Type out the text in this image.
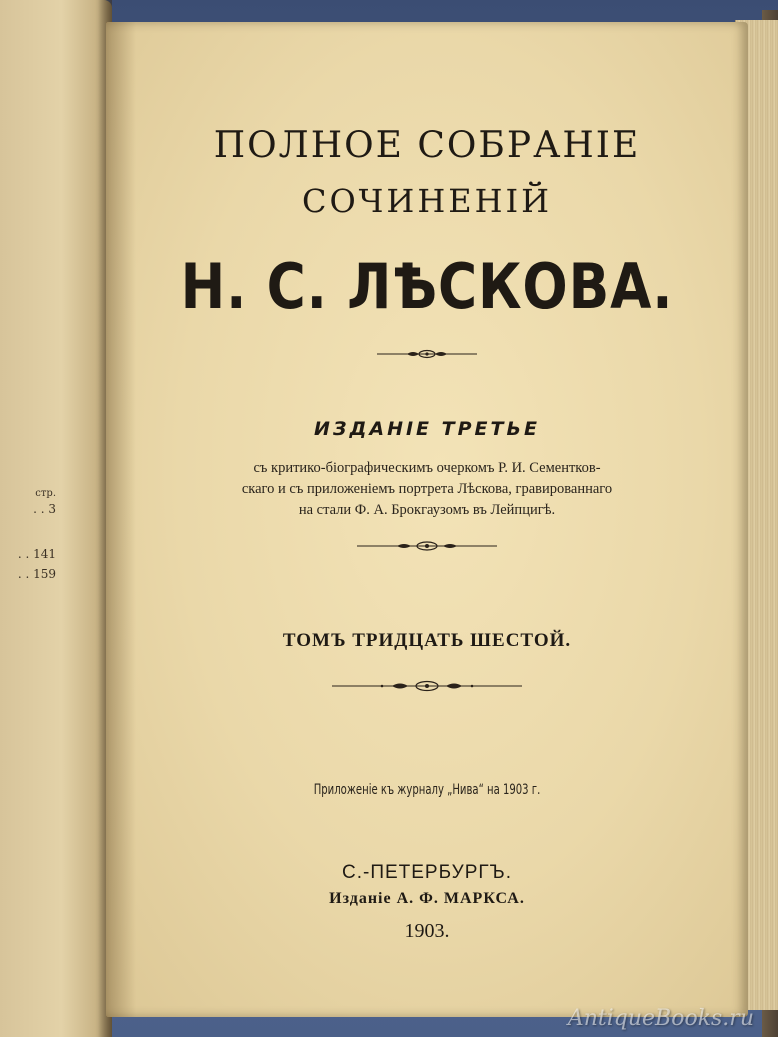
стр.
. . 3
. . 141
. . 159
ПОЛНОЕ СОБРАНІЕ
СОЧИНЕНІЙ
Н. С. ЛѢСКОВА.
ИЗДАНІЕ ТРЕТЬЕ
съ критико-біографическимъ очеркомъ Р. И. Сементков-
скаго и съ приложеніемъ портрета Лѣскова, гравированнаго
на стали Ф. А. Брокгаузомъ въ Лейпцигѣ.
ТОМЪ ТРИДЦАТЬ ШЕСТОЙ.
Приложеніе къ журналу „Нива“ на 1903 г.
С.-ПЕТЕРБУРГЪ.
Изданіе А. Ф. МАРКСА.
1903.
AntiqueBooks.ru
